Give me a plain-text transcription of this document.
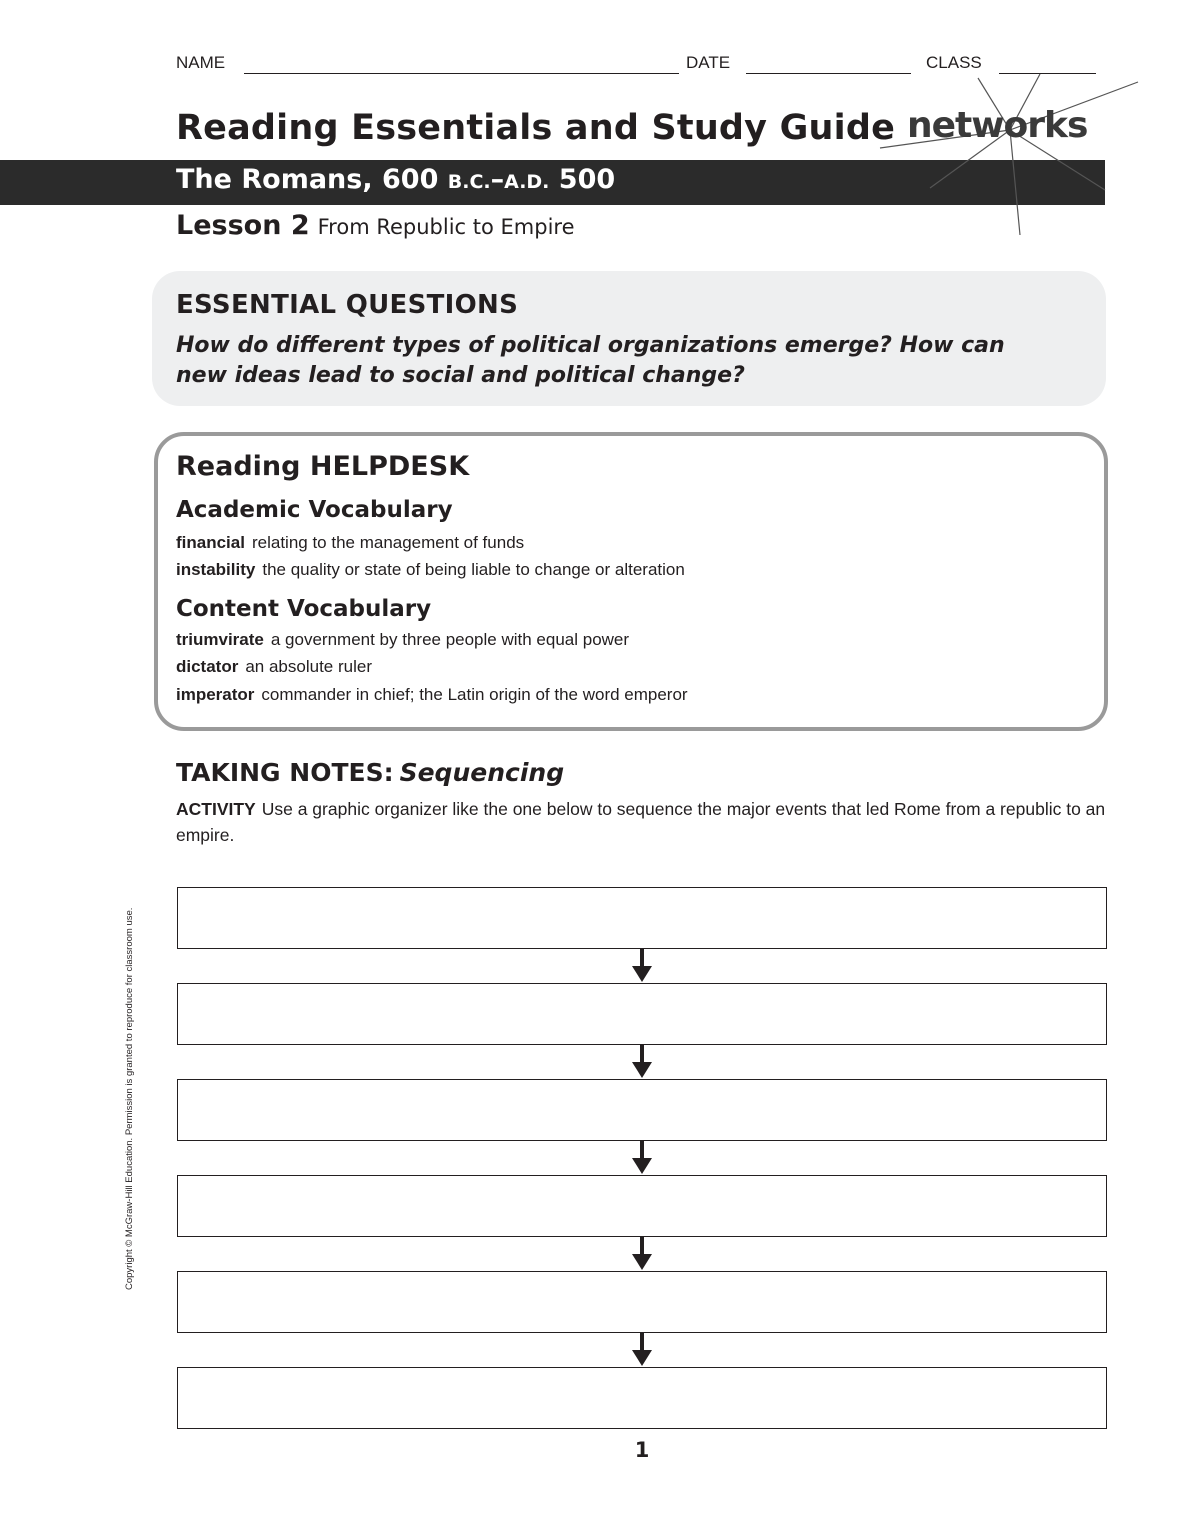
NAME	DATE	CLASS
Reading Essentials and Study Guide networks
The Romans, 600 B.C.–A.D. 500
Lesson 2 From Republic to Empire
ESSENTIAL QUESTIONS
How do different types of political organizations emerge? How can new ideas lead to social and political change?
Reading HELPDESK
Academic Vocabulary
financial relating to the management of funds
instability the quality or state of being liable to change or alteration
Content Vocabulary
triumvirate a government by three people with equal power
dictator an absolute ruler
imperator commander in chief; the Latin origin of the word emperor
TAKING NOTES: Sequencing
ACTIVITY Use a graphic organizer like the one below to sequence the major events that led Rome from a republic to an empire.
Copyright © McGraw-Hill Education. Permission is granted to reproduce for classroom use.
1
